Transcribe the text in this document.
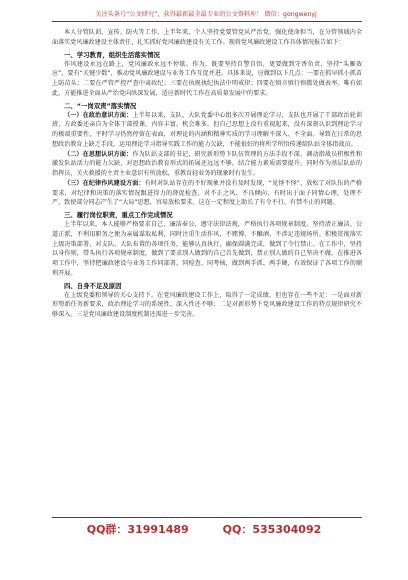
关注头条号“公文研究”，获得最新最全最专业的公文资料库！ 微信：gongwenyj

本人分管队训、宣传、防火等工作，上半年来，个人坚持党要管党从严治党，强化使命担当，在分管领域内全面落实党风廉政建设主体责任，扎实抓好党风廉政建设有关工作。现将党风廉政建设工作具体情况报告如下：

一、学习教育，组织生活落实情况

作风建设永远在路上，党风廉政永远不停歇。作为，既要坚持自警自悟，更要做到守香负责，坚持“头雁效应”，要有“关键少数”，推动党风廉政建设与业务工作互促并进。具体来说，应做到以下几点：一要在抓早抓小抓苗上防苗头；二要在严管严控严查中肃政纪；三要在执规执纪执法中明戒律；四要在慎言慎行慎微处做表率。唯有如此，方能推进全面从严治党向纵深发展，适应新时代工作在高质量发展中的要求。

二、“一岗双责”落实情况

（一）在政治意识方面：上半年以来，支队、大队党委中心组多次开展理论学习，支队也开展了干部政治轮训班，方政委还亲自为全体干部授课，内容丰富，机会难多。但自己思想上没有重视起来，没有深刻认识到理论学习的极端重要性，平时学习仍然停留在表面，对理论的内涵和精神实质的学习理解不深入、不全面。导致在日常的思想政治教育上缺乏手段，运用理论学习指导实践工作的能力欠缺，不能很好的将所学所悟传递给队站全体指战员。

（二）在思想认识方面：作为队站支部的书记，研究新形势下队伍管理的方法手段不深，调动指战员积极性和激发队站活力的能力欠缺，对思想政治教育形式的拓展还远远不够，结合能力素质需要提升。同时作为基层队站的指挥员，关火救援的主责主业意识有所放松，重教育轻业务的现象时有发生。

（三）在纪律作风建设方面：有时对队站存在的不好现象并没有及时发现，“见怪不怪”，放松了对队伍的严格要求，对纪律和决策的落实情况跟进得力的督促检查，对不正之风、不良倾向，有时出于面子同情心理，处理不严，致使部分同志产生了“大局”思想，容易放松要求。这在一定程度上助长了有令不行、有禁不止的问题。

三、履行岗位职责，重点工作完成情况

上半年以来，本人能够严格要求自己，廉洁奉公，遵守法律法规，严格执行各项规章制度。坚持清正廉洁、公道正派，不利用职务之便为亲属谋取私利，同时注重生活作风，不赌博、不酗酒、不涉足违规场所。积极贯彻落实上级决策部署，对支队、大队布置的各项任务，能够认真执行，确保圆满完成，做到了令行禁止。在工作中，坚持以身作则，带头执行各项规章制度，做到了要求别人做到的自己首先做到，禁止别人做的自己坚决不做。在推进各项工作中，坚持把廉政建设与业务工作同部署、同检查、同考核，做到两手抓、两手硬，有效保证了各项工作的顺利开展。

四、自身不足及原因

在上级党委和领导的关心支持下，在党风廉政建设工作上，取得了一定成绩，但也存在一些不足：一是面对新形势新任务新要求，政治理论学习的系统性、深入性还不够；二是对新形势下党风廉政建设工作的特点规律研究不够深入。三是党风廉政建设制度机制还需进一步完善。

QQ群：31991489	QQ：535304092
